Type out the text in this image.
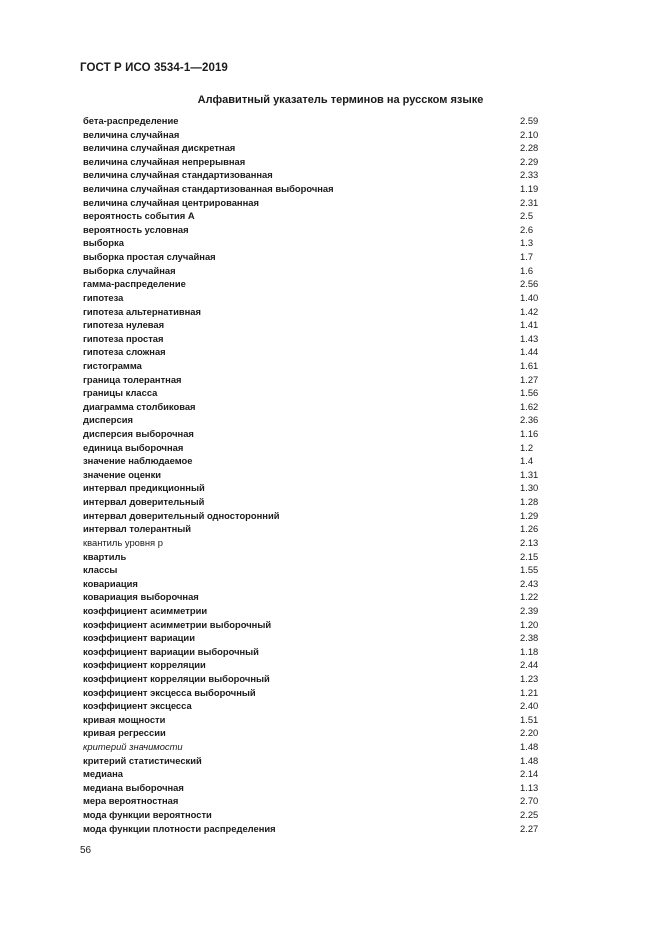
ГОСТ Р ИСО 3534-1—2019
Алфавитный указатель терминов на русском языке
бета-распределение	2.59
величина случайная	2.10
величина случайная дискретная	2.28
величина случайная непрерывная	2.29
величина случайная стандартизованная	2.33
величина случайная стандартизованная выборочная	1.19
величина случайная центрированная	2.31
вероятность события А	2.5
вероятность условная	2.6
выборка	1.3
выборка простая случайная	1.7
выборка случайная	1.6
гамма-распределение	2.56
гипотеза	1.40
гипотеза альтернативная	1.42
гипотеза нулевая	1.41
гипотеза простая	1.43
гипотеза сложная	1.44
гистограмма	1.61
граница толерантная	1.27
границы класса	1.56
диаграмма столбиковая	1.62
дисперсия	2.36
дисперсия выборочная	1.16
единица выборочная	1.2
значение наблюдаемое	1.4
значение оценки	1.31
интервал предикционный	1.30
интервал доверительный	1.28
интервал доверительный односторонний	1.29
интервал толерантный	1.26
квантиль уровня p	2.13
квартиль	2.15
классы	1.55
ковариация	2.43
ковариация выборочная	1.22
коэффициент асимметрии	2.39
коэффициент асимметрии выборочный	1.20
коэффициент вариации	2.38
коэффициент вариации выборочный	1.18
коэффициент корреляции	2.44
коэффициент корреляции выборочный	1.23
коэффициент эксцесса выборочный	1.21
коэффициент эксцесса	2.40
кривая мощности	1.51
кривая регрессии	2.20
критерий значимости	1.48
критерий статистический	1.48
медиана	2.14
медиана выборочная	1.13
мера вероятностная	2.70
мода функции вероятности	2.25
мода функции плотности распределения	2.27
56
